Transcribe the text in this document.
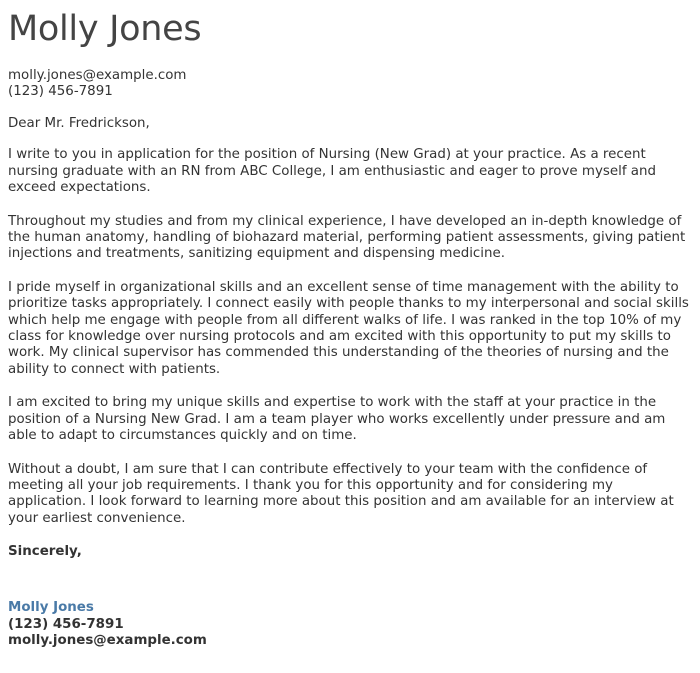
Molly Jones
molly.jones@example.com
(123) 456-7891

Dear Mr. Fredrickson,

I write to you in application for the position of Nursing (New Grad) at your practice. As a recent nursing graduate with an RN from ABC College, I am enthusiastic and eager to prove myself and exceed expectations.

Throughout my studies and from my clinical experience, I have developed an in-depth knowledge of the human anatomy, handling of biohazard material, performing patient assessments, giving patient injections and treatments, sanitizing equipment and dispensing medicine.

I pride myself in organizational skills and an excellent sense of time management with the ability to prioritize tasks appropriately. I connect easily with people thanks to my interpersonal and social skills which help me engage with people from all different walks of life. I was ranked in the top 10% of my class for knowledge over nursing protocols and am excited with this opportunity to put my skills to work. My clinical supervisor has commended this understanding of the theories of nursing and the ability to connect with patients.

I am excited to bring my unique skills and expertise to work with the staff at your practice in the position of a Nursing New Grad. I am a team player who works excellently under pressure and am able to adapt to circumstances quickly and on time.

Without a doubt, I am sure that I can contribute effectively to your team with the confidence of meeting all your job requirements. I thank you for this opportunity and for considering my application. I look forward to learning more about this position and am available for an interview at your earliest convenience.

Sincerely,
Molly Jones
(123) 456-7891
molly.jones@example.com
